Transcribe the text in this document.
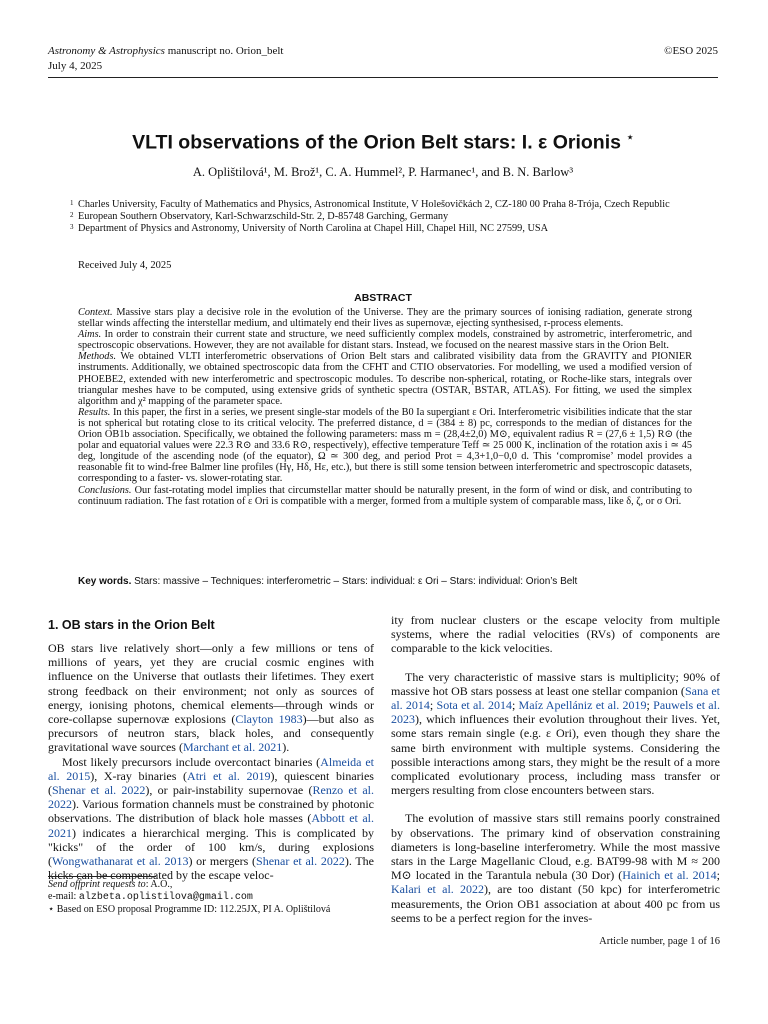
Astronomy & Astrophysics manuscript no. Orion_belt
July 4, 2025
©ESO 2025
VLTI observations of the Orion Belt stars: I. ε Orionis ⋆
A. Oplištilová¹, M. Brož¹, C. A. Hummel², P. Harmanec¹, and B. N. Barlow³
1 Charles University, Faculty of Mathematics and Physics, Astronomical Institute, V Holešovičkách 2, CZ-180 00 Praha 8-Trója, Czech Republic
2 European Southern Observatory, Karl-Schwarzschild-Str. 2, D-85748 Garching, Germany
3 Department of Physics and Astronomy, University of North Carolina at Chapel Hill, Chapel Hill, NC 27599, USA
Received July 4, 2025
ABSTRACT

Context. Massive stars play a decisive role in the evolution of the Universe. They are the primary sources of ionising radiation, generate strong stellar winds affecting the interstellar medium, and ultimately end their lives as supernovæ, ejecting synthesised, r-process elements.

Aims. In order to constrain their current state and structure, we need sufficiently complex models, constrained by astrometric, interferometric, and spectroscopic observations. However, they are not available for distant stars. Instead, we focused on the nearest massive stars in the Orion Belt.

Methods. We obtained VLTI interferometric observations of Orion Belt stars and calibrated visibility data from the GRAVITY and PIONIER instruments. Additionally, we obtained spectroscopic data from the CFHT and CTIO observatories. For modelling, we used a modified version of PHOEBE2, extended with new interferometric and spectroscopic modules. To describe non-spherical, rotating, or Roche-like stars, integrals over triangular meshes have to be computed, using extensive grids of synthetic spectra (OSTAR, BSTAR, ATLAS). For fitting, we used the simplex algorithm and χ² mapping of the parameter space.

Results. In this paper, the first in a series, we present single-star models of the B0 Ia supergiant ε Ori. Interferometric visibilities indicate that the star is not spherical but rotating close to its critical velocity. The preferred distance, d = (384 ± 8) pc, corresponds to the median of distances for the Orion OB1b association. Specifically, we obtained the following parameters: mass m = (28,4±2,0) M⊙, equivalent radius R = (27,6 ± 1,5) R⊙ (the polar and equatorial values were 22.3 R⊙ and 33.6 R⊙, respectively), effective temperature Teff ≃ 25 000 K, inclination of the rotation axis i ≃ 45 deg, longitude of the ascending node (of the equator), Ω ≃ 300 deg, and period Prot = 4,3+1,0−0,0 d. This ‘compromise’ model provides a reasonable fit to wind-free Balmer line profiles (Hγ, Hδ, Hε, etc.), but there is still some tension between interferometric and spectroscopic datasets, corresponding to a faster- vs. slower-rotating star.

Conclusions. Our fast-rotating model implies that circumstellar matter should be naturally present, in the form of wind or disk, and contributing to continuum radiation. The fast rotation of ε Ori is compatible with a merger, formed from a multiple system of comparable mass, like δ, ζ, or σ Ori.

Key words. Stars: massive – Techniques: interferometric – Stars: individual: ε Ori – Stars: individual: Orion’s Belt
1. OB stars in the Orion Belt

OB stars live relatively short—only a few millions or tens of millions of years, yet they are crucial cosmic engines with influence on the Universe that outlasts their lifetimes. They exert strong feedback on their environment; not only as sources of energy, ionising photons, chemical elements—through winds or core-collapse supernovæ explosions (Clayton 1983)—but also as precursors of neutron stars, black holes, and consequently gravitational wave sources (Marchant et al. 2021).

Most likely precursors include overcontact binaries (Almeida et al. 2015), X-ray binaries (Atri et al. 2019), quiescent binaries (Shenar et al. 2022), or pair-instability supernovae (Renzo et al. 2022). Various formation channels must be constrained by photonic observations. The distribution of black hole masses (Abbott et al. 2021) indicates a hierarchical merging. This is complicated by "kicks" of the order of 100 km/s, during explosions (Wongwathanarat et al. 2013) or mergers (Shenar et al. 2022). The kicks can be compensated by the escape veloc-

ity from nuclear clusters or the escape velocity from multiple systems, where the radial velocities (RVs) of components are comparable to the kick velocities.

The very characteristic of massive stars is multiplicity; 90% of massive hot OB stars possess at least one stellar companion (Sana et al. 2014; Sota et al. 2014; Maíz Apellániz et al. 2019; Pauwels et al. 2023), which influences their evolution throughout their lives. Yet, some stars remain single (e.g. ε Ori), even though they share the same birth environment with multiple systems. Considering the possible interactions among stars, they might be the result of a more complicated evolutionary process, including mass transfer or mergers resulting from close encounters between stars.

The evolution of massive stars still remains poorly constrained by observations. The primary kind of observation constraining diameters is long-baseline interferometry. While the most massive stars in the Large Magellanic Cloud, e.g. BAT99-98 with M ≈ 200 M⊙ located in the Tarantula nebula (30 Dor) (Hainich et al. 2014; Kalari et al. 2022), are too distant (50 kpc) for interferometric measurements, the Orion OB1 association at about 400 pc from us seems to be a perfect region for the inves-

Send offprint requests to: A.O.,

e-mail: alzbeta.oplistilova@gmail.com

⋆ Based on ESO proposal Programme ID: 112.25JX, PI A. Oplištilová

Article number, page 1 of 16
